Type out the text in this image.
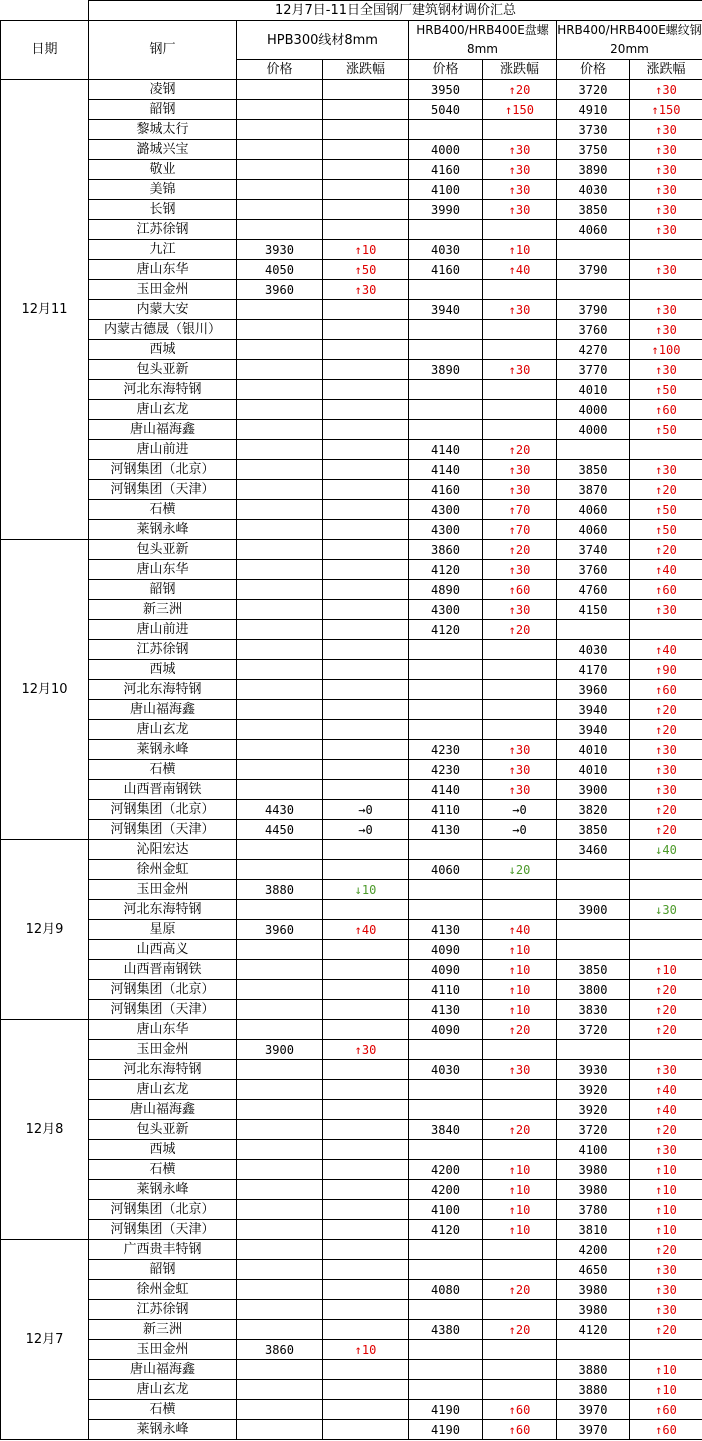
	12月7日-11日全国钢厂建筑钢材调价汇总						
日期	钢厂	HPB300线材8mm		HRB400/HRB400E盘螺8mm		HRB400/HRB400E螺纹钢20mm	
		价格	涨跌幅	价格	涨跌幅	价格	涨跌幅
12月11	凌钢			3950	↑20	3720	↑30
	韶钢			5040	↑150	4910	↑150
	黎城太行					3730	↑30
	潞城兴宝			4000	↑30	3750	↑30
	敬业			4160	↑30	3890	↑30
	美锦			4100	↑30	4030	↑30
	长钢			3990	↑30	3850	↑30
	江苏徐钢					4060	↑30
	九江	3930	↑10	4030	↑10		
	唐山东华	4050	↑50	4160	↑40	3790	↑30
	玉田金州	3960	↑30				
	内蒙大安			3940	↑30	3790	↑30
	内蒙古德晟（银川）					3760	↑30
	西城					4270	↑100
	包头亚新			3890	↑30	3770	↑30
	河北东海特钢					4010	↑50
	唐山玄龙					4000	↑60
	唐山福海鑫					4000	↑50
	唐山前进			4140	↑20		
	河钢集团（北京）			4140	↑30	3850	↑30
	河钢集团（天津）			4160	↑30	3870	↑20
	石横			4300	↑70	4060	↑50
	莱钢永峰			4300	↑70	4060	↑50
12月10	包头亚新			3860	↑20	3740	↑20
	唐山东华			4120	↑30	3760	↑40
	韶钢			4890	↑60	4760	↑60
	新三洲			4300	↑30	4150	↑30
	唐山前进			4120	↑20		
	江苏徐钢					4030	↑40
	西城					4170	↑90
	河北东海特钢					3960	↑60
	唐山福海鑫					3940	↑20
	唐山玄龙					3940	↑20
	莱钢永峰			4230	↑30	4010	↑30
	石横			4230	↑30	4010	↑30
	山西晋南钢铁			4140	↑30	3900	↑30
	河钢集团（北京）	4430	→0	4110	→0	3820	↑20
	河钢集团（天津）	4450	→0	4130	→0	3850	↑20
12月9	沁阳宏达					3460	↓40
	徐州金虹			4060	↓20		
	玉田金州	3880	↓10				
	河北东海特钢					3900	↓30
	星原	3960	↑40	4130	↑40		
	山西高义			4090	↑10		
	山西晋南钢铁			4090	↑10	3850	↑10
	河钢集团（北京）			4110	↑10	3800	↑20
	河钢集团（天津）			4130	↑10	3830	↑20
12月8	唐山东华			4090	↑20	3720	↑20
	玉田金州	3900	↑30				
	河北东海特钢			4030	↑30	3930	↑30
	唐山玄龙					3920	↑40
	唐山福海鑫					3920	↑40
	包头亚新			3840	↑20	3720	↑20
	西城					4100	↑30
	石横			4200	↑10	3980	↑10
	莱钢永峰			4200	↑10	3980	↑10
	河钢集团（北京）			4100	↑10	3780	↑10
	河钢集团（天津）			4120	↑10	3810	↑10
12月7	广西贵丰特钢					4200	↑20
	韶钢					4650	↑30
	徐州金虹			4080	↑20	3980	↑30
	江苏徐钢					3980	↑30
	新三洲			4380	↑20	4120	↑20
	玉田金州	3860	↑10				
	唐山福海鑫					3880	↑10
	唐山玄龙					3880	↑10
	石横			4190	↑60	3970	↑60
	莱钢永峰			4190	↑60	3970	↑60
